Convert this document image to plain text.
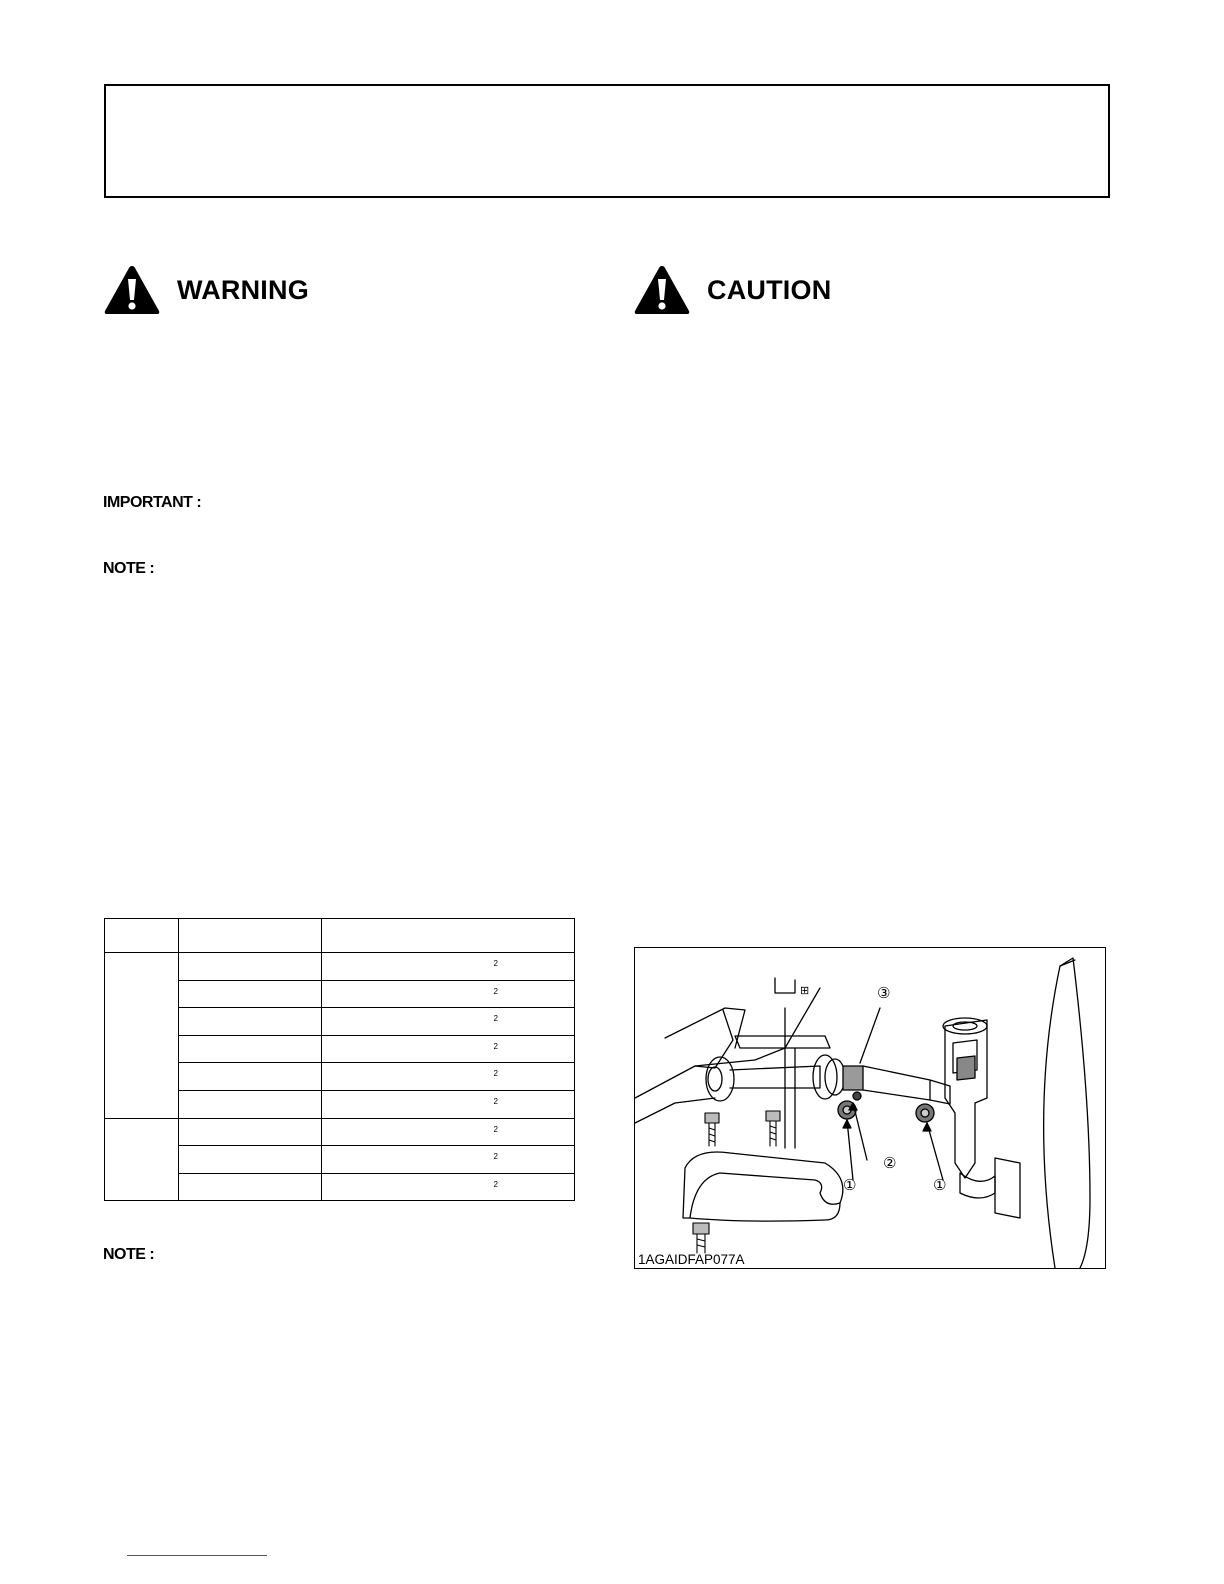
WARNING	CAUTION
IMPORTANT :
NOTE :

		2
		2
		2
		2
		2
		2
		2
		2
		2
NOTE :
⊞	③
②
①	①
1AGAIDFAP077A
